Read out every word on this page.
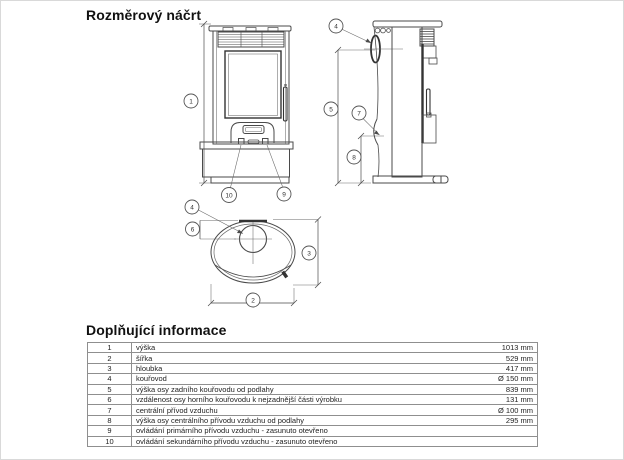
Rozměrový náčrt
1
10	9
4
5
7
8
6
4
3
2
Doplňující informace
1	výška	1013 mm
2	šířka	529 mm
3	hloubka	417 mm
4	kouřovod	Ø 150 mm
5	výška osy zadního kouřovodu od podlahy	839 mm
6	vzdálenost osy horního kouřovodu k nejzadnější části výrobku	131 mm
7	centrální přívod vzduchu	Ø 100 mm
8	výška osy centrálního přívodu vzduchu od podlahy	295 mm
9	ovládání primárního přívodu vzduchu - zasunuto otevřeno	
10	ovládání sekundárního přívodu vzduchu - zasunuto otevřeno	
